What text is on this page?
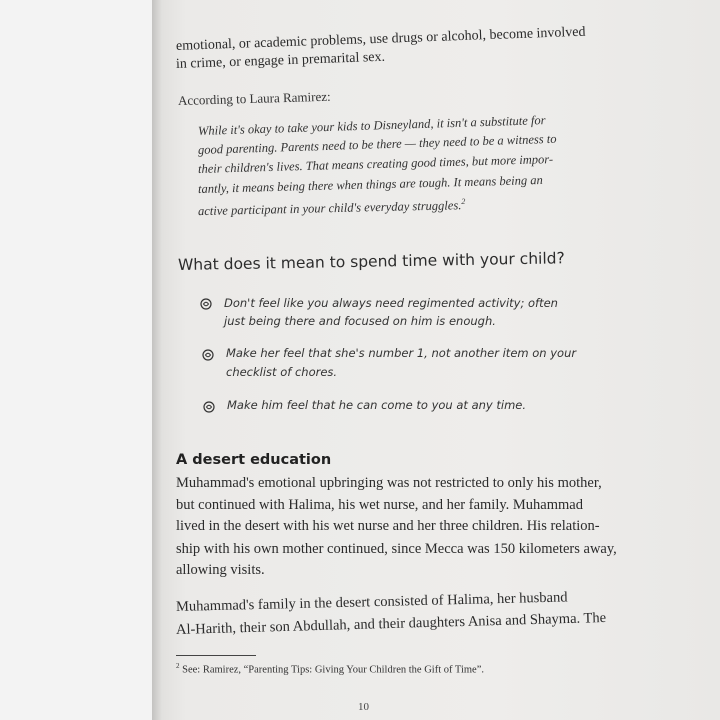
emotional, or academic problems, use drugs or alcohol, become involved
in crime, or engage in premarital sex.
According to Laura Ramirez:
While it's okay to take your kids to Disneyland, it isn't a substitute for
good parenting. Parents need to be there — they need to be a witness to
their children's lives. That means creating good times, but more impor-
tantly, it means being there when things are tough. It means being an
active participant in your child's everyday struggles.$^2$
What does it mean to spend time with your child?
Don't feel like you always need regimented activity; often
just being there and focused on him is enough.
Make her feel that she's number 1, not another item on your
checklist of chores.
Make him feel that he can come to you at any time.
A desert education
Muhammad's emotional upbringing was not restricted to only his mother,
but continued with Halima, his wet nurse, and her family. Muhammad
lived in the desert with his wet nurse and her three children. His relation-
ship with his own mother continued, since Mecca was 150 kilometers away,
allowing visits.
Muhammad's family in the desert consisted of Halima, her husband
Al-Harith, their son Abdullah, and their daughters Anisa and Shayma. The
$^2$ See: Ramirez, “Parenting Tips: Giving Your Children the Gift of Time”.
10
